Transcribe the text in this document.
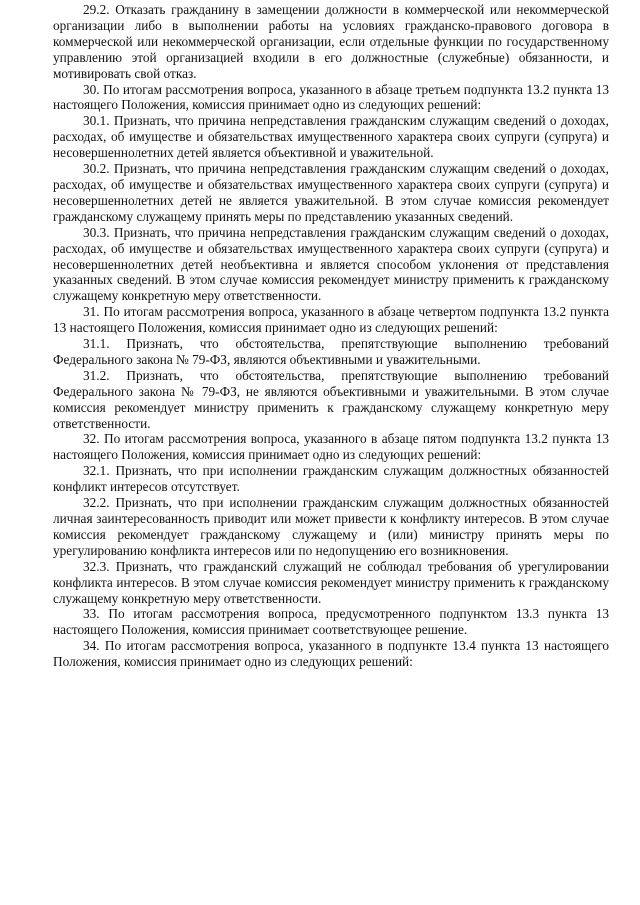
29.2. Отказать гражданину в замещении должности в коммерческой или некоммерческой организации либо в выполнении работы на условиях гражданско-правового договора в коммерческой или некоммерческой организации, если отдельные функции по государственному управлению этой организацией входили в его должностные (служебные) обязанности, и мотивировать свой отказ.

30. По итогам рассмотрения вопроса, указанного в абзаце третьем подпункта 13.2 пункта 13 настоящего Положения, комиссия принимает одно из следующих решений:

30.1. Признать, что причина непредставления гражданским служащим сведений о доходах, расходах, об имуществе и обязательствах имущественного характера своих супруги (супруга) и несовершеннолетних детей является объективной и уважительной.

30.2. Признать, что причина непредставления гражданским служащим сведений о доходах, расходах, об имуществе и обязательствах имущественного характера своих супруги (супруга) и несовершеннолетних детей не является уважительной. В этом случае комиссия рекомендует гражданскому служащему принять меры по представлению указанных сведений.

30.3. Признать, что причина непредставления гражданским служащим сведений о доходах, расходах, об имуществе и обязательствах имущественного характера своих супруги (супруга) и несовершеннолетних детей необъективна и является способом уклонения от представления указанных сведений. В этом случае комиссия рекомендует министру применить к гражданскому служащему конкретную меру ответственности.

31. По итогам рассмотрения вопроса, указанного в абзаце четвертом подпункта 13.2 пункта 13 настоящего Положения, комиссия принимает одно из следующих решений:

31.1. Признать, что обстоятельства, препятствующие выполнению требований Федерального закона № 79-ФЗ, являются объективными и уважительными.

31.2. Признать, что обстоятельства, препятствующие выполнению требований Федерального закона № 79-ФЗ, не являются объективными и уважительными. В этом случае комиссия рекомендует министру применить к гражданскому служащему конкретную меру ответственности.

32. По итогам рассмотрения вопроса, указанного в абзаце пятом подпункта 13.2 пункта 13 настоящего Положения, комиссия принимает одно из следующих решений:

32.1. Признать, что при исполнении гражданским служащим должностных обязанностей конфликт интересов отсутствует.

32.2. Признать, что при исполнении гражданским служащим должностных обязанностей личная заинтересованность приводит или может привести к конфликту интересов. В этом случае комиссия рекомендует гражданскому служащему и (или) министру принять меры по урегулированию конфликта интересов или по недопущению его возникновения.

32.3. Признать, что гражданский служащий не соблюдал требования об урегулировании конфликта интересов. В этом случае комиссия рекомендует министру применить к гражданскому служащему конкретную меру ответственности.

33. По итогам рассмотрения вопроса, предусмотренного подпунктом 13.3 пункта 13 настоящего Положения, комиссия принимает соответствующее решение.

34. По итогам рассмотрения вопроса, указанного в подпункте 13.4 пункта 13 настоящего Положения, комиссия принимает одно из следующих решений:
